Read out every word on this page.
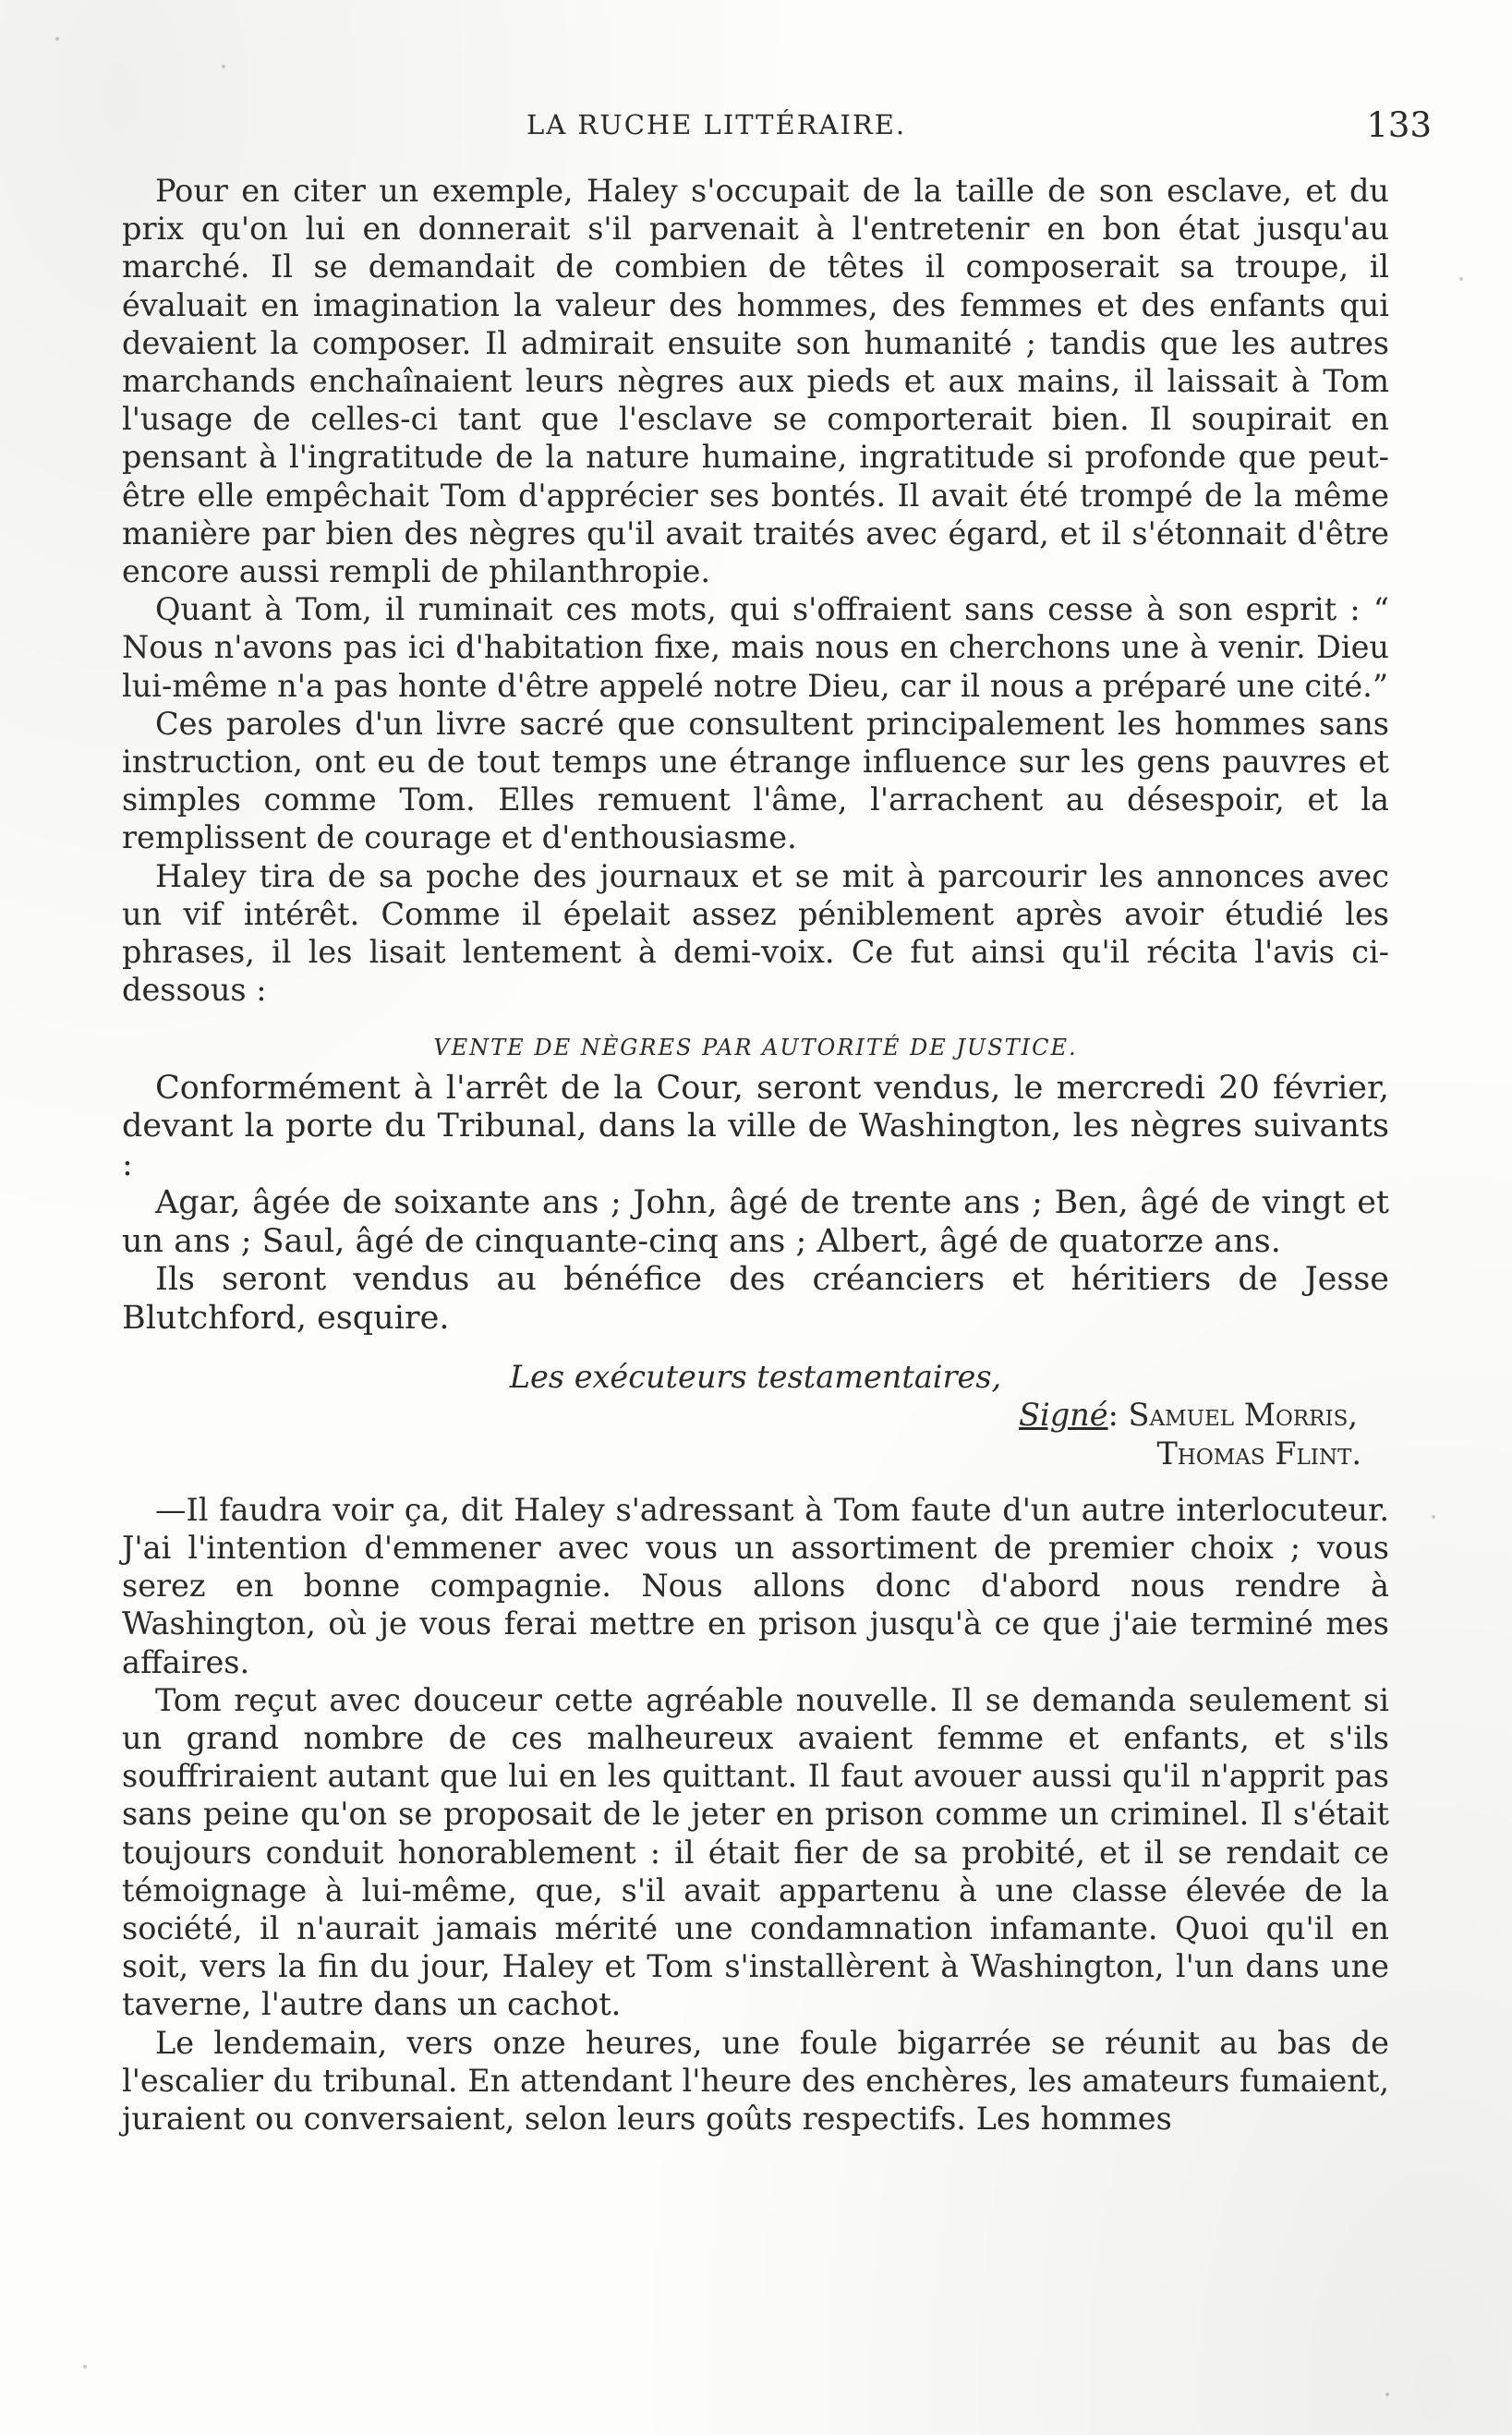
LA RUCHE LITTÉRAIRE.	133

Pour en citer un exemple, Haley s'occupait de la taille de son esclave, et du prix qu'on lui en donnerait s'il parvenait à l'entretenir en bon état jusqu'au marché. Il se demandait de combien de têtes il composerait sa troupe, il évaluait en imagination la valeur des hommes, des femmes et des enfants qui devaient la composer. Il admirait ensuite son humanité ; tandis que les autres marchands enchaînaient leurs nègres aux pieds et aux mains, il laissait à Tom l'usage de celles-ci tant que l'esclave se comporterait bien. Il soupirait en pensant à l'ingratitude de la nature humaine, ingratitude si profonde que peut-être elle empêchait Tom d'apprécier ses bontés. Il avait été trompé de la même manière par bien des nègres qu'il avait traités avec égard, et il s'étonnait d'être encore aussi rempli de philanthropie.

Quant à Tom, il ruminait ces mots, qui s'offraient sans cesse à son esprit : “ Nous n'avons pas ici d'habitation fixe, mais nous en cherchons une à venir. Dieu lui-même n'a pas honte d'être appelé notre Dieu, car il nous a préparé une cité.”

Ces paroles d'un livre sacré que consultent principalement les hommes sans instruction, ont eu de tout temps une étrange influence sur les gens pauvres et simples comme Tom. Elles remuent l'âme, l'arrachent au désespoir, et la remplissent de courage et d'enthousiasme.

Haley tira de sa poche des journaux et se mit à parcourir les annonces avec un vif intérêt. Comme il épelait assez péniblement après avoir étudié les phrases, il les lisait lentement à demi-voix. Ce fut ainsi qu'il récita l'avis ci-dessous :

VENTE DE NÈGRES PAR AUTORITÉ DE JUSTICE.

Conformément à l'arrêt de la Cour, seront vendus, le mercredi 20 février, devant la porte du Tribunal, dans la ville de Washington, les nègres suivants :

Agar, âgée de soixante ans ; John, âgé de trente ans ; Ben, âgé de vingt et un ans ; Saul, âgé de cinquante-cinq ans ; Albert, âgé de quatorze ans.

Ils seront vendus au bénéfice des créanciers et héritiers de Jesse Blutchford, esquire.

Les exécuteurs testamentaires,

Signé: Samuel Morris,

Thomas Flint.

—Il faudra voir ça, dit Haley s'adressant à Tom faute d'un autre interlocuteur. J'ai l'intention d'emmener avec vous un assortiment de premier choix ; vous serez en bonne compagnie. Nous allons donc d'abord nous rendre à Washington, où je vous ferai mettre en prison jusqu'à ce que j'aie terminé mes affaires.

Tom reçut avec douceur cette agréable nouvelle. Il se demanda seulement si un grand nombre de ces malheureux avaient femme et enfants, et s'ils souffriraient autant que lui en les quittant. Il faut avouer aussi qu'il n'apprit pas sans peine qu'on se proposait de le jeter en prison comme un criminel. Il s'était toujours conduit honorablement : il était fier de sa probité, et il se rendait ce témoignage à lui-même, que, s'il avait appartenu à une classe élevée de la société, il n'aurait jamais mérité une condamnation infamante. Quoi qu'il en soit, vers la fin du jour, Haley et Tom s'installèrent à Washington, l'un dans une taverne, l'autre dans un cachot.

Le lendemain, vers onze heures, une foule bigarrée se réunit au bas de l'escalier du tribunal. En attendant l'heure des enchères, les amateurs fumaient, juraient ou conversaient, selon leurs goûts respectifs. Les hommes
